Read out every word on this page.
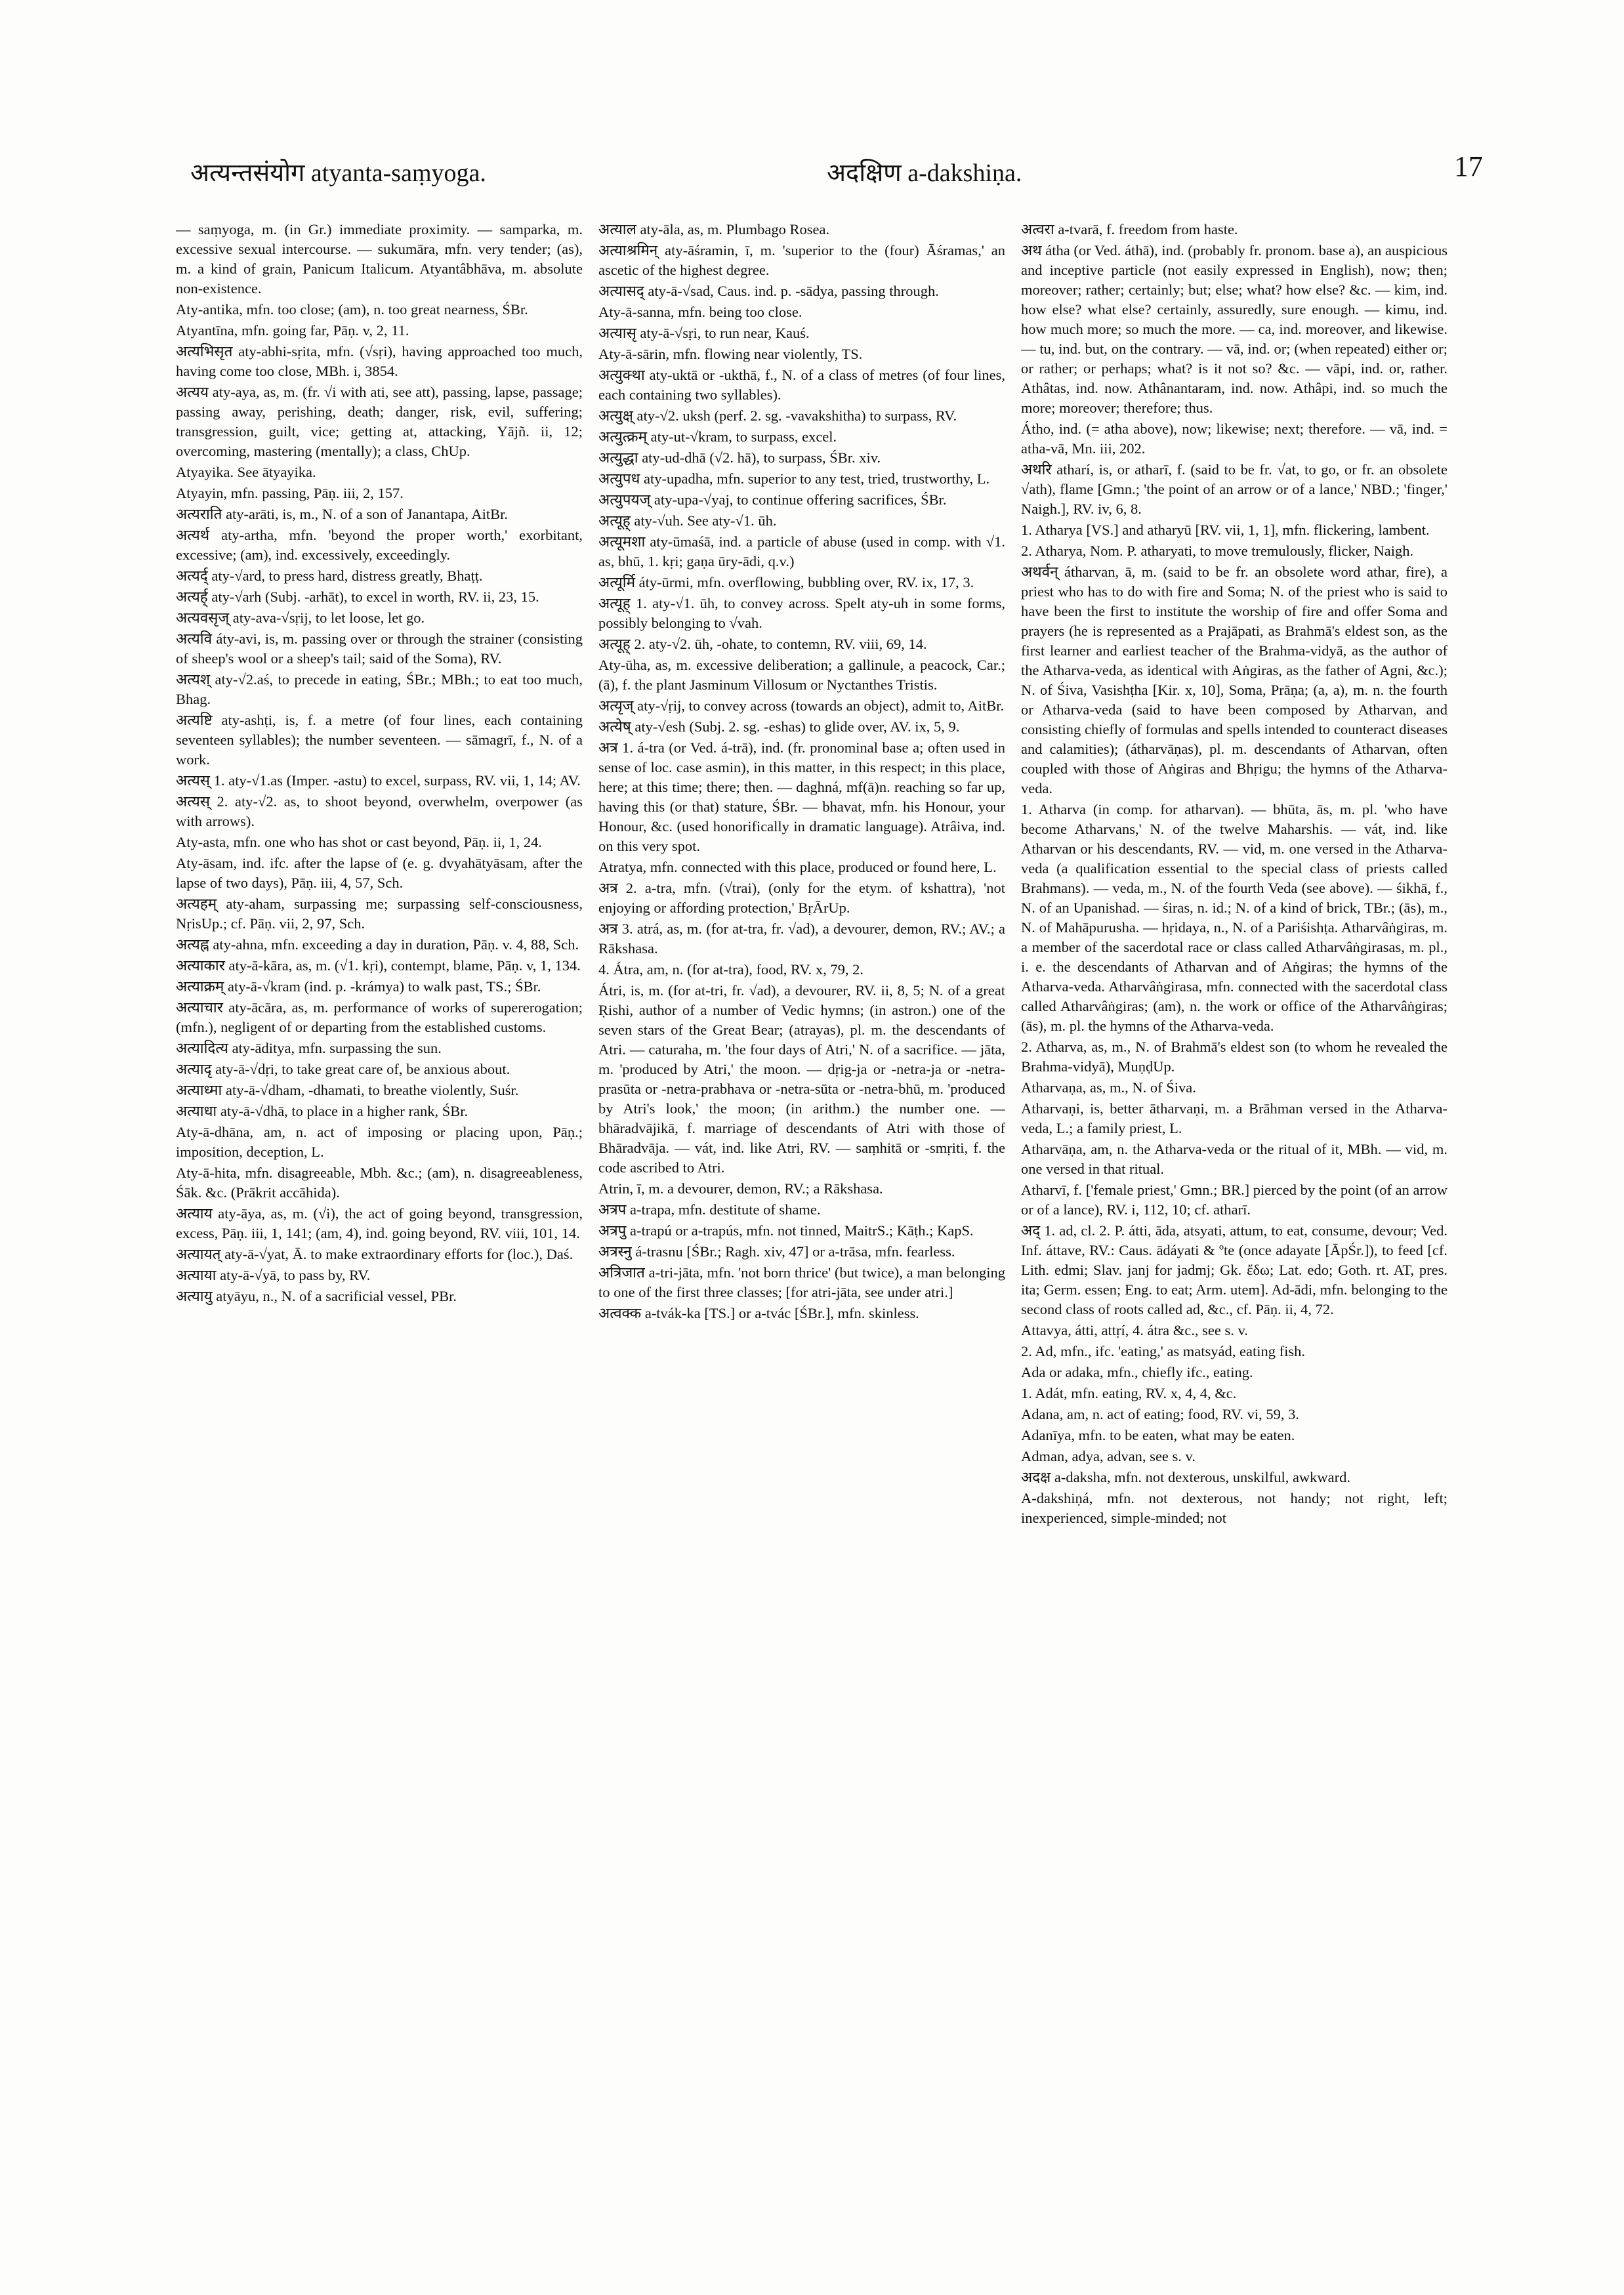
अत्यन्तसंयोग atyanta-saṃyoga.	अदक्षिण a-dakshiṇa.	17
— saṃyoga, m. (in Gr.) immediate proximity. — samparka, m. excessive sexual intercourse. — sukumāra, mfn. very tender; (as), m. a kind of grain, Panicum Italicum. Atyantâbhāva, m. absolute non-existence.
Aty-antika, mfn. too close; (am), n. too great nearness, ŚBr.
Atyantīna, mfn. going far, Pāṇ. v, 2, 11.
अत्यभिसृत aty-abhi-sṛita, mfn. (√sṛi), having approached too much, having come too close, MBh. i, 3854.
अत्यय aty-aya, as, m. (fr. √i with ati, see att), passing, lapse, passage; passing away, perishing, death; danger, risk, evil, suffering; transgression, guilt, vice; getting at, attacking, Yājñ. ii, 12; overcoming, mastering (mentally); a class, ChUp.
Atyayika. See ātyayika.
Atyayin, mfn. passing, Pāṇ. iii, 2, 157.
अत्यराति aty-arāti, is, m., N. of a son of Janantapa, AitBr.
अत्यर्थ aty-artha, mfn. 'beyond the proper worth,' exorbitant, excessive; (am), ind. excessively, exceedingly.
अत्यर्द् aty-√ard, to press hard, distress greatly, Bhaṭṭ.
अत्यर्ह् aty-√arh (Subj. -arhāt), to excel in worth, RV. ii, 23, 15.
अत्यवसृज् aty-ava-√sṛij, to let loose, let go.
अत्यवि áty-avi, is, m. passing over or through the strainer (consisting of sheep's wool or a sheep's tail; said of the Soma), RV.
अत्यश् aty-√2.aś, to precede in eating, ŚBr.; MBh.; to eat too much, Bhag.
अत्यष्टि aty-ashṭi, is, f. a metre (of four lines, each containing seventeen syllables); the number seventeen. — sāmagrī, f., N. of a work.
अत्यस् 1. aty-√1.as (Imper. -astu) to excel, surpass, RV. vii, 1, 14; AV.
अत्यस् 2. aty-√2. as, to shoot beyond, overwhelm, overpower (as with arrows).
Aty-asta, mfn. one who has shot or cast beyond, Pāṇ. ii, 1, 24.
Aty-āsam, ind. ifc. after the lapse of (e. g. dvyahātyāsam, after the lapse of two days), Pāṇ. iii, 4, 57, Sch.
अत्यहम् aty-aham, surpassing me; surpassing self-consciousness, NṛisUp.; cf. Pāṇ. vii, 2, 97, Sch.
अत्यह्न aty-ahna, mfn. exceeding a day in duration, Pāṇ. v. 4, 88, Sch.
अत्याकार aty-ā-kāra, as, m. (√1. kṛi), contempt, blame, Pāṇ. v, 1, 134.
अत्याक्रम् aty-ā-√kram (ind. p. -krámya) to walk past, TS.; ŚBr.
अत्याचार aty-ācāra, as, m. performance of works of supererogation; (mfn.), negligent of or departing from the established customs.
अत्यादित्य aty-āditya, mfn. surpassing the sun.
अत्यादृ aty-ā-√dṛi, to take great care of, be anxious about.
अत्याध्मा aty-ā-√dham, -dhamati, to breathe violently, Suśr.
अत्याधा aty-ā-√dhā, to place in a higher rank, ŚBr.
Aty-ā-dhāna, am, n. act of imposing or placing upon, Pāṇ.; imposition, deception, L.
Aty-ā-hita, mfn. disagreeable, Mbh. &c.; (am), n. disagreeableness, Śāk. &c. (Prākrit accāhida).
अत्याय aty-āya, as, m. (√i), the act of going beyond, transgression, excess, Pāṇ. iii, 1, 141; (am, 4), ind. going beyond, RV. viii, 101, 14.
अत्यायत् aty-ā-√yat, Ā. to make extraordinary efforts for (loc.), Daś.
अत्याया aty-ā-√yā, to pass by, RV.
अत्यायु atyāyu, n., N. of a sacrificial vessel, PBr.
अत्याल aty-āla, as, m. Plumbago Rosea.
अत्याश्रमिन् aty-āśramin, ī, m. 'superior to the (four) Āśramas,' an ascetic of the highest degree.
अत्यासद् aty-ā-√sad, Caus. ind. p. -sādya, passing through.
Aty-ā-sanna, mfn. being too close.
अत्यासृ aty-ā-√sṛi, to run near, Kauś.
Aty-ā-sārin, mfn. flowing near violently, TS.
अत्युक्था aty-uktā or -ukthā, f., N. of a class of metres (of four lines, each containing two syllables).
अत्युक्ष् aty-√2. uksh (perf. 2. sg. -vavakshitha) to surpass, RV.
अत्युत्क्रम् aty-ut-√kram, to surpass, excel.
अत्युद्धा aty-ud-dhā (√2. hā), to surpass, ŚBr. xiv.
अत्युपध aty-upadha, mfn. superior to any test, tried, trustworthy, L.
अत्युपयज् aty-upa-√yaj, to continue offering sacrifices, ŚBr.
अत्यूह् aty-√uh. See aty-√1. ūh.
अत्यूमशा aty-ūmaśā, ind. a particle of abuse (used in comp. with √1. as, bhū, 1. kṛi; gaṇa ūry-ādi, q.v.)
अत्यूर्मि áty-ūrmi, mfn. overflowing, bubbling over, RV. ix, 17, 3.
अत्यूह् 1. aty-√1. ūh, to convey across. Spelt aty-uh in some forms, possibly belonging to √vah.
अत्यूह् 2. aty-√2. ūh, -ohate, to contemn, RV. viii, 69, 14.
Aty-ūha, as, m. excessive deliberation; a gallinule, a peacock, Car.; (ā), f. the plant Jasminum Villosum or Nyctanthes Tristis.
अत्यृज् aty-√ṛij, to convey across (towards an object), admit to, AitBr.
अत्येष् aty-√esh (Subj. 2. sg. -eshas) to glide over, AV. ix, 5, 9.
अत्र 1. á-tra (or Ved. á-trā), ind. (fr. pronominal base a; often used in sense of loc. case asmin), in this matter, in this respect; in this place, here; at this time; there; then. — daghná, mf(ā)n. reaching so far up, having this (or that) stature, ŚBr. — bhavat, mfn. his Honour, your Honour, &c. (used honorifically in dramatic language). Atrâiva, ind. on this very spot.
Atratya, mfn. connected with this place, produced or found here, L.
अत्र 2. a-tra, mfn. (√trai), (only for the etym. of kshattra), 'not enjoying or affording protection,' BṛĀrUp.
अत्र 3. atrá, as, m. (for at-tra, fr. √ad), a devourer, demon, RV.; AV.; a Rākshasa.
4. Átra, am, n. (for at-tra), food, RV. x, 79, 2.
Átri, is, m. (for at-tri, fr. √ad), a devourer, RV. ii, 8, 5; N. of a great Ṛishi, author of a number of Vedic hymns; (in astron.) one of the seven stars of the Great Bear; (atrayas), pl. m. the descendants of Atri. — caturaha, m. 'the four days of Atri,' N. of a sacrifice. — jāta, m. 'produced by Atri,' the moon. — dṛig-ja or -netra-ja or -netra-prasūta or -netra-prabhava or -netra-sūta or -netra-bhū, m. 'produced by Atri's look,' the moon; (in arithm.) the number one. — bhāradvājikā, f. marriage of descendants of Atri with those of Bhāradvāja. — vát, ind. like Atri, RV. — saṃhitā or -smṛiti, f. the code ascribed to Atri.
Atrin, ī, m. a devourer, demon, RV.; a Rākshasa.
अत्रप a-trapa, mfn. destitute of shame.
अत्रपु a-trapú or a-trapús, mfn. not tinned, MaitrS.; Kāṭh.; KapS.
अत्रस्नु á-trasnu [ŚBr.; Ragh. xiv, 47] or a-trāsa, mfn. fearless.
अत्रिजात a-tri-jāta, mfn. 'not born thrice' (but twice), a man belonging to one of the first three classes; [for atri-jāta, see under atri.]
अत्वक्क a-tvák-ka [TS.] or a-tvác [ŚBr.], mfn. skinless.
अत्वरा a-tvarā, f. freedom from haste.
अथ átha (or Ved. áthā), ind. (probably fr. pronom. base a), an auspicious and inceptive particle (not easily expressed in English), now; then; moreover; rather; certainly; but; else; what? how else? &c. — kim, ind. how else? what else? certainly, assuredly, sure enough. — kimu, ind. how much more; so much the more. — ca, ind. moreover, and likewise. — tu, ind. but, on the contrary. — vā, ind. or; (when repeated) either or; or rather; or perhaps; what? is it not so? &c. — vāpi, ind. or, rather. Athâtas, ind. now. Athânantaram, ind. now. Athâpi, ind. so much the more; moreover; therefore; thus.
Átho, ind. (= atha above), now; likewise; next; therefore. — vā, ind. = atha-vā, Mn. iii, 202.
अथरि atharí, is, or atharī, f. (said to be fr. √at, to go, or fr. an obsolete √ath), flame [Gmn.; 'the point of an arrow or of a lance,' NBD.; 'finger,' Naigh.], RV. iv, 6, 8.
1. Atharya [VS.] and atharyū [RV. vii, 1, 1], mfn. flickering, lambent.
2. Atharya, Nom. P. atharyati, to move tremulously, flicker, Naigh.
अथर्वन् átharvan, ā, m. (said to be fr. an obsolete word athar, fire), a priest who has to do with fire and Soma; N. of the priest who is said to have been the first to institute the worship of fire and offer Soma and prayers (he is represented as a Prajāpati, as Brahmā's eldest son, as the first learner and earliest teacher of the Brahma-vidyā, as the author of the Atharva-veda, as identical with Aṅgiras, as the father of Agni, &c.); N. of Śiva, Vasishṭha [Kir. x, 10], Soma, Prāṇa; (a, a), m. n. the fourth or Atharva-veda (said to have been composed by Atharvan, and consisting chiefly of formulas and spells intended to counteract diseases and calamities); (átharvāṇas), pl. m. descendants of Atharvan, often coupled with those of Aṅgiras and Bhṛigu; the hymns of the Atharva-veda.
1. Atharva (in comp. for atharvan). — bhūta, ās, m. pl. 'who have become Atharvans,' N. of the twelve Maharshis. — vát, ind. like Atharvan or his descendants, RV. — vid, m. one versed in the Atharva-veda (a qualification essential to the special class of priests called Brahmans). — veda, m., N. of the fourth Veda (see above). — śikhā, f., N. of an Upanishad. — śiras, n. id.; N. of a kind of brick, TBr.; (ās), m., N. of Mahāpurusha. — hṛidaya, n., N. of a Pariśishṭa. Atharvâṅgiras, m. a member of the sacerdotal race or class called Atharvâṅgirasas, m. pl., i. e. the descendants of Atharvan and of Aṅgiras; the hymns of the Atharva-veda. Atharvâṅgirasa, mfn. connected with the sacerdotal class called Atharvâṅgiras; (am), n. the work or office of the Atharvâṅgiras; (ās), m. pl. the hymns of the Atharva-veda.
2. Atharva, as, m., N. of Brahmā's eldest son (to whom he revealed the Brahma-vidyā), MuṇḍUp.
Atharvaṇa, as, m., N. of Śiva.
Atharvaṇi, is, better ātharvaṇi, m. a Brāhman versed in the Atharva-veda, L.; a family priest, L.
Atharvāṇa, am, n. the Atharva-veda or the ritual of it, MBh. — vid, m. one versed in that ritual.
Atharvī, f. ['female priest,' Gmn.; BR.] pierced by the point (of an arrow or of a lance), RV. i, 112, 10; cf. atharī.
अद् 1. ad, cl. 2. P. átti, āda, atsyati, attum, to eat, consume, devour; Ved. Inf. áttave, RV.: Caus. ādáyati & ºte (once adayate [ĀpŚr.]), to feed [cf. Lith. edmi; Slav. janj for jadmj; Gk. ἔδω; Lat. edo; Goth. rt. AT, pres. ita; Germ. essen; Eng. to eat; Arm. utem]. Ad-ādi, mfn. belonging to the second class of roots called ad, &c., cf. Pāṇ. ii, 4, 72.
Attavya, átti, attṛí, 4. átra &c., see s. v.
2. Ad, mfn., ifc. 'eating,' as matsyád, eating fish.
Ada or adaka, mfn., chiefly ifc., eating.
1. Adát, mfn. eating, RV. x, 4, 4, &c.
Adana, am, n. act of eating; food, RV. vi, 59, 3.
Adanīya, mfn. to be eaten, what may be eaten.
Adman, adya, advan, see s. v.
अदक्ष a-daksha, mfn. not dexterous, unskilful, awkward.
A-dakshiṇá, mfn. not dexterous, not handy; not right, left; inexperienced, simple-minded; not
